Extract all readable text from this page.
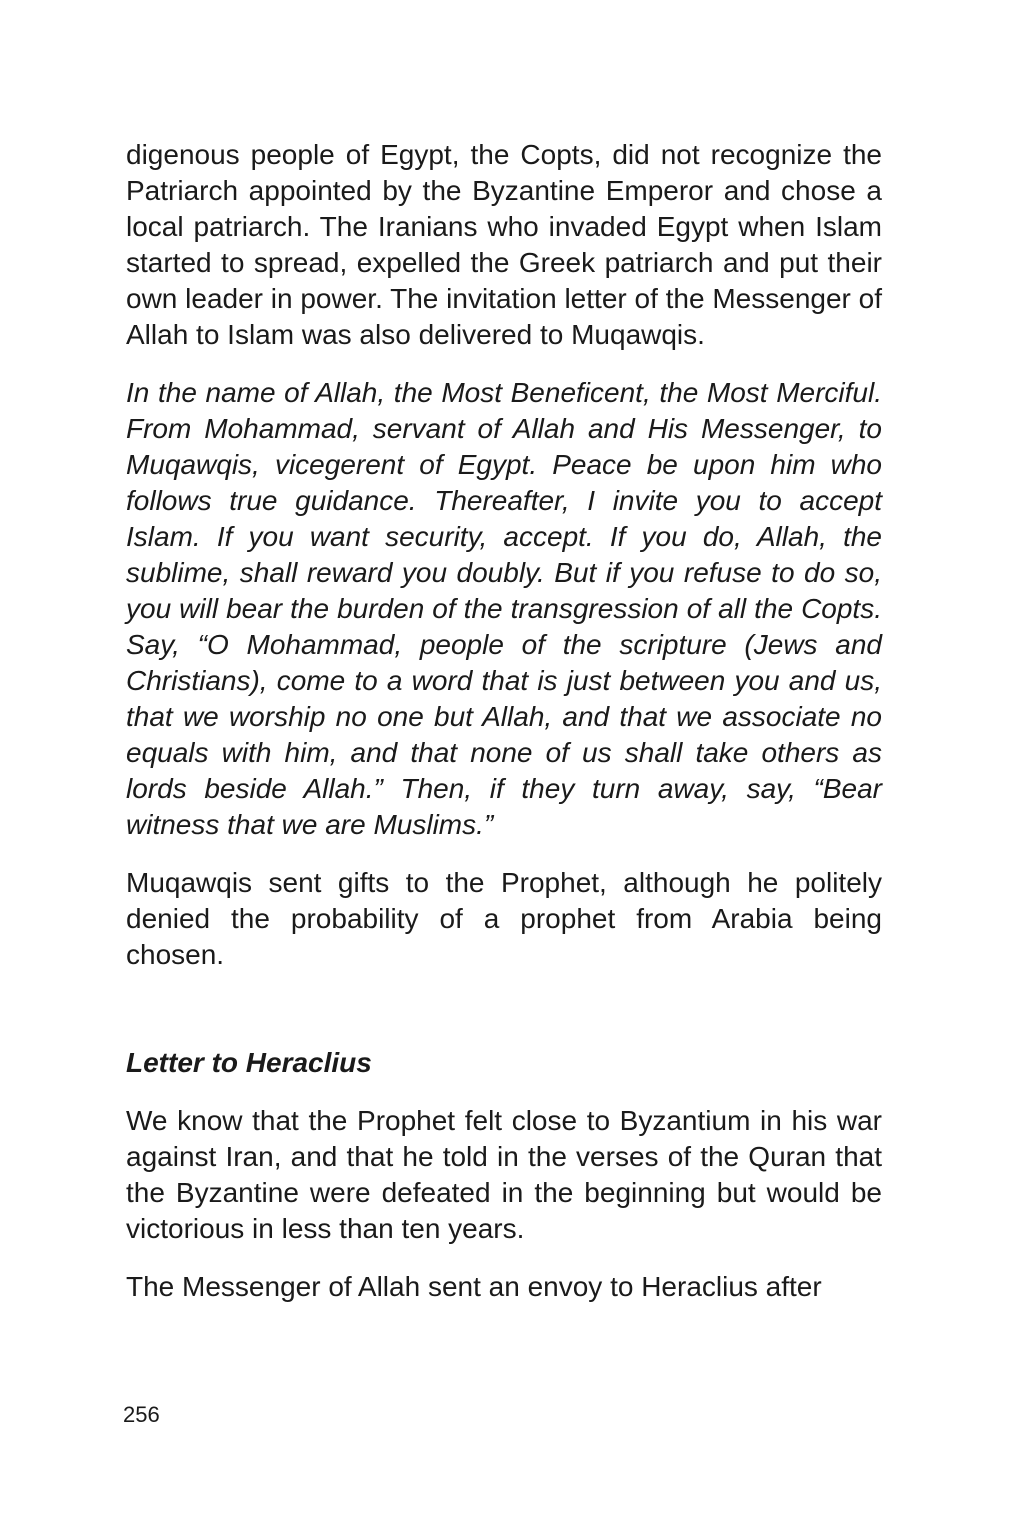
digenous people of Egypt, the Copts, did not recognize the Patriarch appointed by the Byzantine Emperor and chose a local patriarch. The Iranians who invaded Egypt when Islam started to spread, expelled the Greek patriarch and put their own leader in power. The invitation letter of the Messenger of Allah to Islam was also delivered to Muqawqis.

In the name of Allah, the Most Beneficent, the Most Merciful. From Mohammad, servant of Allah and His Messenger, to Muqawqis, vicegerent of Egypt. Peace be upon him who follows true guidance. Thereafter, I invite you to accept Islam. If you want security, accept. If you do, Allah, the sublime, shall reward you doubly. But if you refuse to do so, you will bear the burden of the transgression of all the Copts. Say, “O Mohammad, people of the scripture (Jews and Christians), come to a word that is just between you and us, that we worship no one but Allah, and that we associate no equals with him, and that none of us shall take others as lords beside Allah.” Then, if they turn away, say, “Bear witness that we are Muslims.”

Muqawqis sent gifts to the Prophet, although he politely denied the probability of a prophet from Arabia being chosen.

Letter to Heraclius

We know that the Prophet felt close to Byzantium in his war against Iran, and that he told in the verses of the Quran that the Byzantine were defeated in the beginning but would be victorious in less than ten years.

The Messenger of Allah sent an envoy to Heraclius after

256
